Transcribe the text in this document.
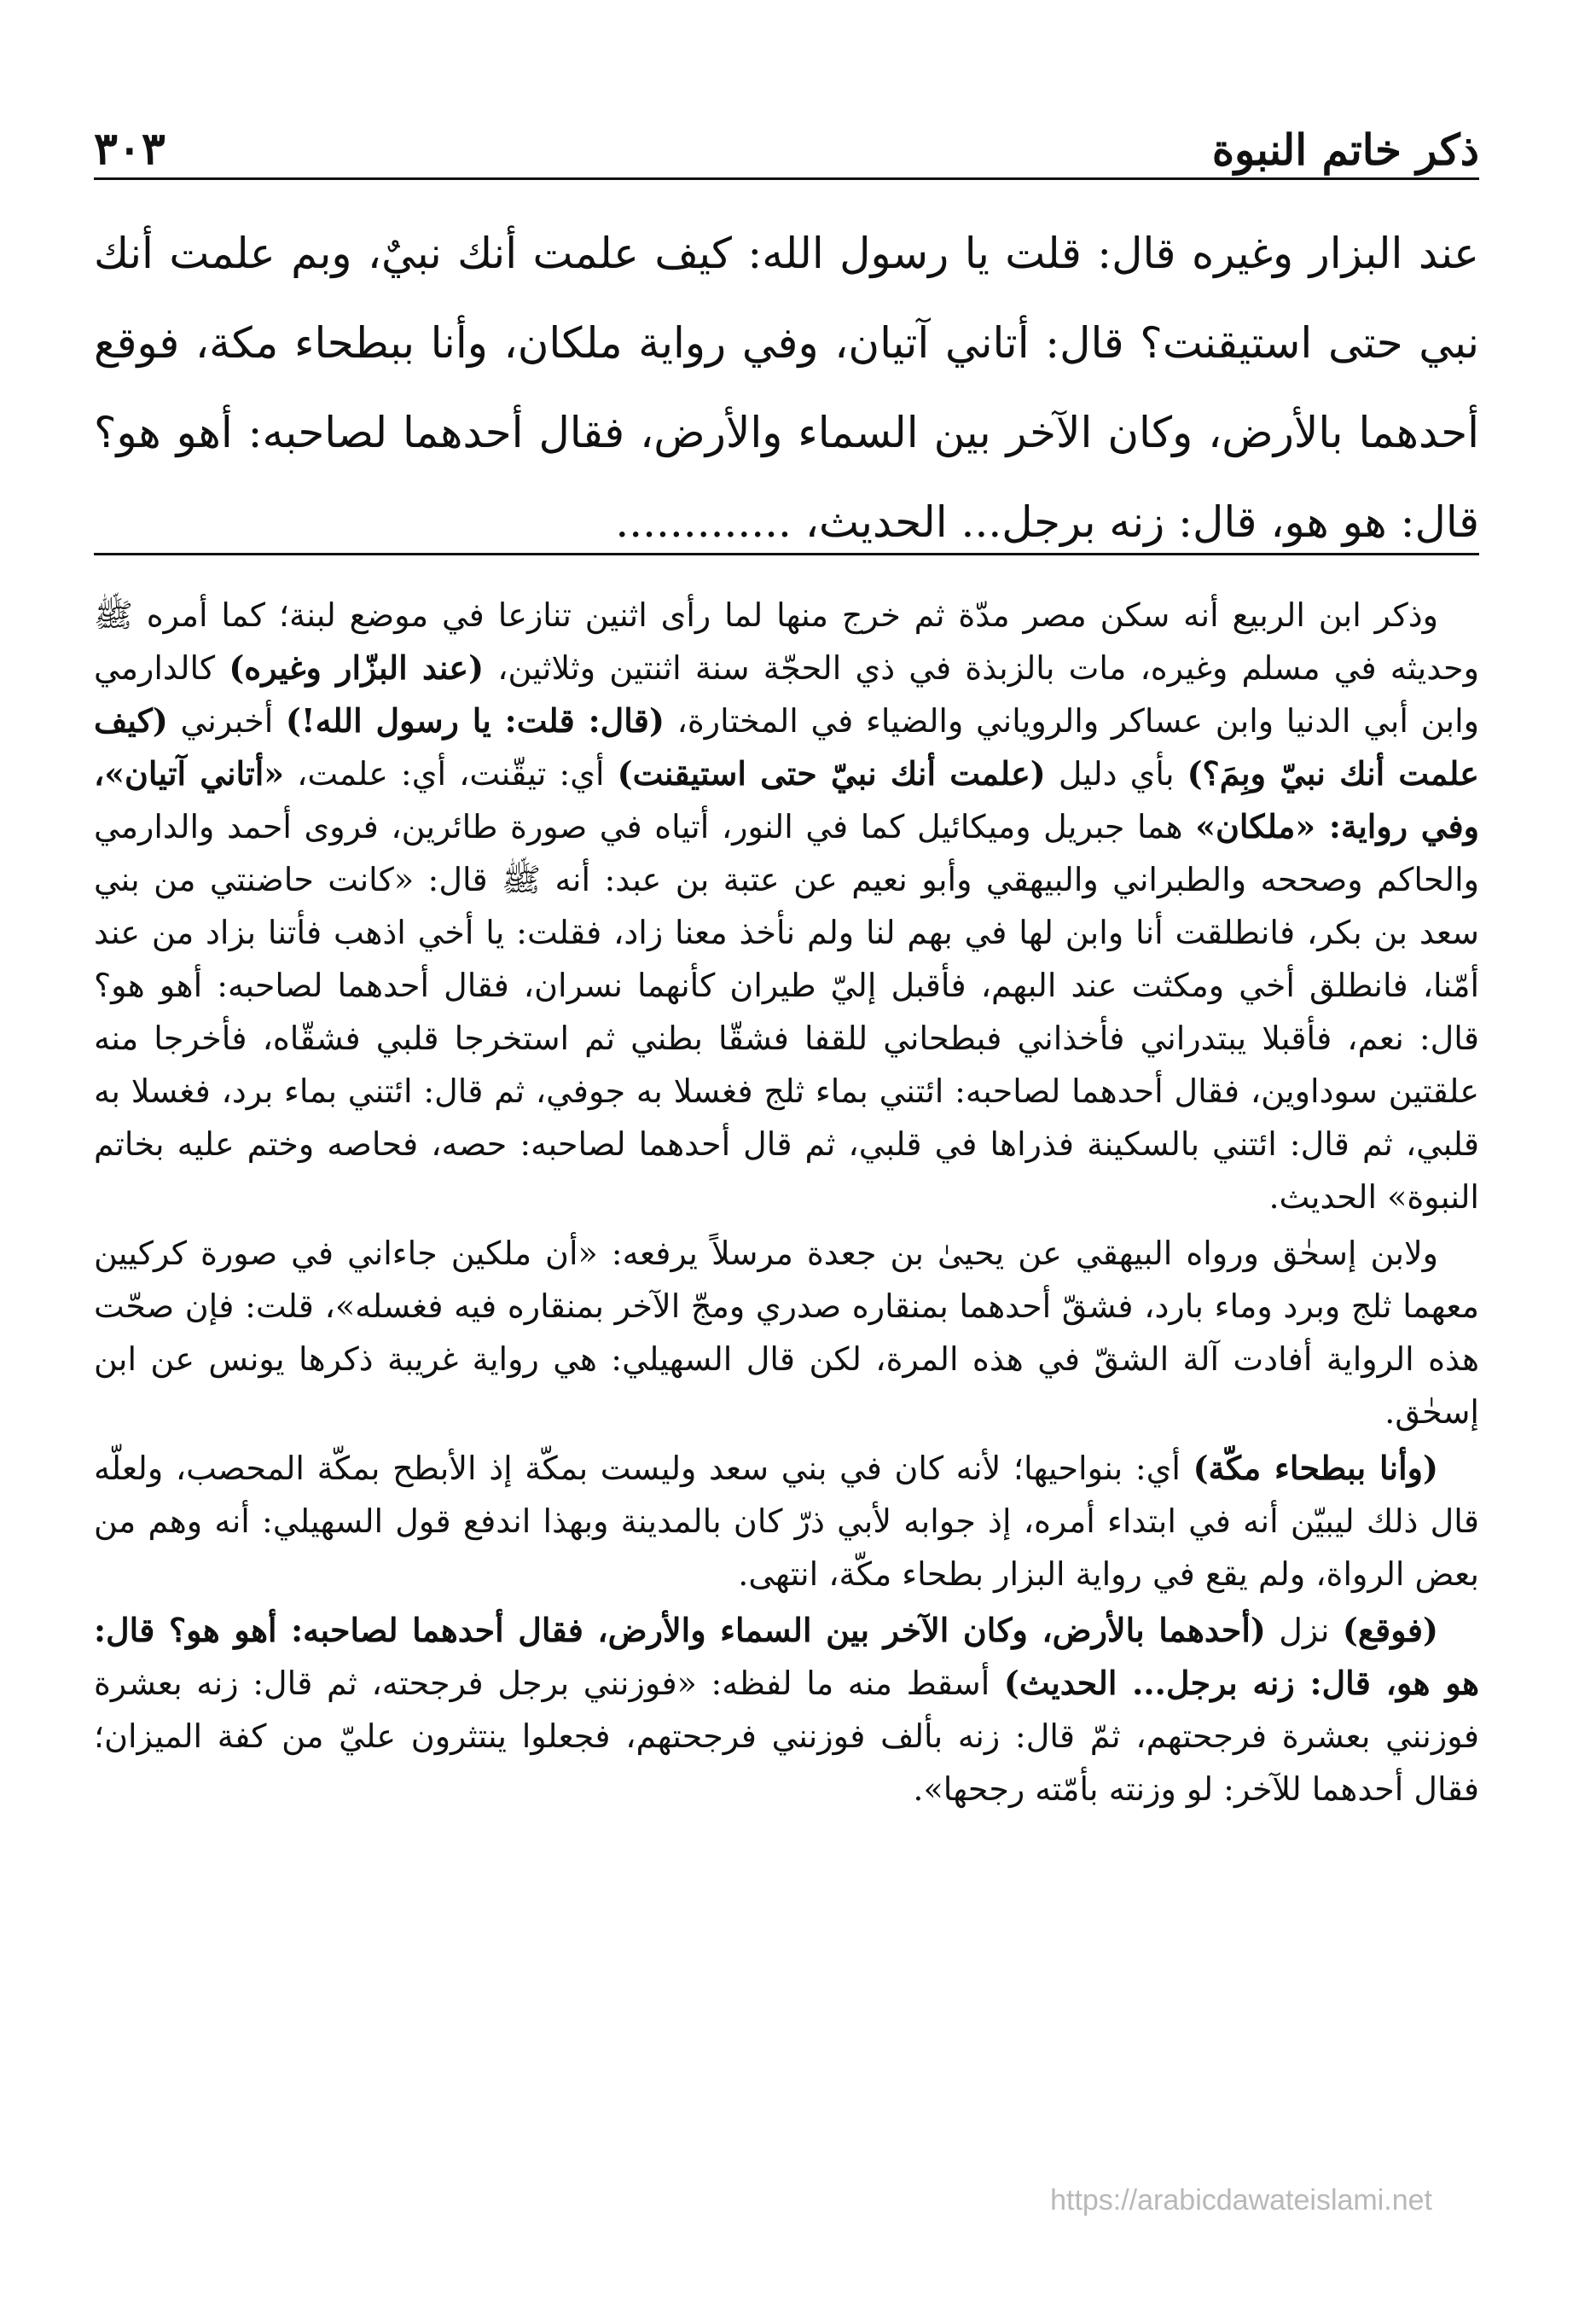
ذكر خاتم النبوة
٣٠٣
عند البزار وغيره قال: قلت يا رسول الله: كيف علمت أنك نبيٌ، وبم علمت أنك نبي حتى استيقنت؟ قال: أتاني آتيان، وفي رواية ملكان، وأنا ببطحاء مكة، فوقع أحدهما بالأرض، وكان الآخر بين السماء والأرض، فقال أحدهما لصاحبه: أهو هو؟ قال: هو هو، قال: زنه برجل... الحديث، .............

وذكر ابن الربيع أنه سكن مصر مدّة ثم خرج منها لما رأى اثنين تنازعا في موضع لبنة؛ كما أمره ﷺ وحديثه في مسلم وغيره، مات بالزبذة في ذي الحجّة سنة اثنتين وثلاثين، (عند البزّار وغيره) كالدارمي وابن أبي الدنيا وابن عساكر والروياني والضياء في المختارة، (قال: قلت: يا رسول الله!) أخبرني (كيف علمت أنك نبيّ وبِمَ؟) بأي دليل (علمت أنك نبيّ حتى استيقنت) أي: تيقّنت، أي: علمت، «أتاني آتيان»، وفي رواية: «ملكان» هما جبريل وميكائيل كما في النور، أتياه في صورة طائرين، فروى أحمد والدارمي والحاكم وصححه والطبراني والبيهقي وأبو نعيم عن عتبة بن عبد: أنه ﷺ قال: «كانت حاضنتي من بني سعد بن بكر، فانطلقت أنا وابن لها في بهم لنا ولم نأخذ معنا زاد، فقلت: يا أخي اذهب فأتنا بزاد من عند أمّنا، فانطلق أخي ومكثت عند البهم، فأقبل إليّ طيران كأنهما نسران، فقال أحدهما لصاحبه: أهو هو؟ قال: نعم، فأقبلا يبتدراني فأخذاني فبطحاني للقفا فشقّا بطني ثم استخرجا قلبي فشقّاه، فأخرجا منه علقتين سوداوين، فقال أحدهما لصاحبه: ائتني بماء ثلج فغسلا به جوفي، ثم قال: ائتني بماء برد، فغسلا به قلبي، ثم قال: ائتني بالسكينة فذراها في قلبي، ثم قال أحدهما لصاحبه: حصه، فحاصه وختم عليه بخاتم النبوة» الحديث.

ولابن إسحٰق ورواه البيهقي عن يحيىٰ بن جعدة مرسلاً يرفعه: «أن ملكين جاءاني في صورة كركيين معهما ثلج وبرد وماء بارد، فشقّ أحدهما بمنقاره صدري ومجّ الآخر بمنقاره فيه فغسله»، قلت: فإن صحّت هذه الرواية أفادت آلة الشقّ في هذه المرة، لكن قال السهيلي: هي رواية غريبة ذكرها يونس عن ابن إسحٰق.

(وأنا ببطحاء مكّة) أي: بنواحيها؛ لأنه كان في بني سعد وليست بمكّة إذ الأبطح بمكّة المحصب، ولعلّه قال ذلك ليبيّن أنه في ابتداء أمره، إذ جوابه لأبي ذرّ كان بالمدينة وبهذا اندفع قول السهيلي: أنه وهم من بعض الرواة، ولم يقع في رواية البزار بطحاء مكّة، انتهى.

(فوقع) نزل (أحدهما بالأرض، وكان الآخر بين السماء والأرض، فقال أحدهما لصاحبه: أهو هو؟ قال: هو هو، قال: زنه برجل... الحديث) أسقط منه ما لفظه: «فوزنني برجل فرجحته، ثم قال: زنه بعشرة فوزنني بعشرة فرجحتهم، ثمّ قال: زنه بألف فوزنني فرجحتهم، فجعلوا ينتثرون عليّ من كفة الميزان؛ فقال أحدهما للآخر: لو وزنته بأمّته رجحها».

https://arabicdawateislami.net
